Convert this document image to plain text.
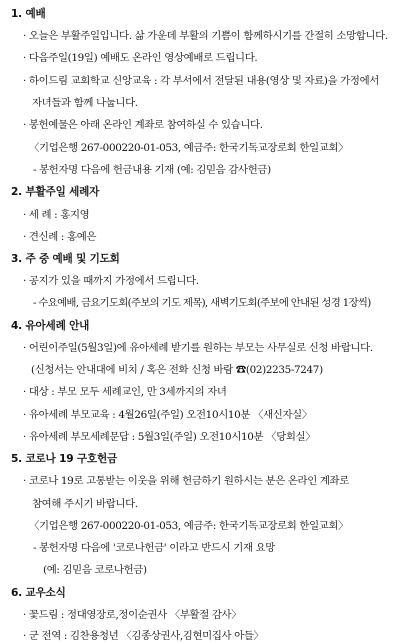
1. 예배
· 오늘은 부활주일입니다. 삶 가운데 부활의 기쁨이 함께하시기를 간절히 소망합니다.
· 다음주일(19일) 예배도 온라인 영상예배로 드립니다.
· 하이드림 교회학교 신앙교육 : 각 부서에서 전달된 내용(영상 및 자료)을 가정에서
자녀들과 함께 나눕니다.
· 봉헌예물은 아래 온라인 계좌로 참여하실 수 있습니다.
〈기업은행 267-000220-01-053, 예금주: 한국기독교장로회 한일교회〉
- 봉헌자명 다음에 헌금내용 기재 (예: 김믿음 감사헌금)
2. 부활주일 세례자
· 세 례 : 홍지영
· 견신례 : 홍예은
3. 주 중 예배 및 기도회
· 공지가 있을 때까지 가정에서 드립니다.
- 수요예배, 금요기도회(주보의 기도 제목), 새벽기도회(주보에 안내된 성경 1장씩)
4. 유아세례 안내
· 어린이주일(5월3일)에 유아세례 받기를 원하는 부모는 사무실로 신청 바랍니다.
(신청서는 안내대에 비치 / 혹은 전화 신청 바람 ☎(02)2235-7247)
· 대상 : 부모 모두 세례교인, 만 3세까지의 자녀
· 유아세례 부모교육 : 4월26일(주일) 오전10시10분 〈새신자실〉
· 유아세례 부모세례문답 : 5월3일(주일) 오전10시10분 〈당회실〉
5. 코로나 19 구호헌금
· 코로나 19로 고통받는 이웃을 위해 헌금하기 원하시는 분은 온라인 계좌로
참여해 주시기 바랍니다.
〈기업은행 267-000220-01-053, 예금주: 한국기독교장로회 한일교회〉
- 봉헌자명 다음에 '코로나헌금' 이라고 반드시 기재 요망
(예: 김믿음 코로나헌금)
6. 교우소식
· 꽃드림 : 정대영장로,정이순권사 〈부활절 감사〉
· 군 전역 : 김찬용청년 〈김종상권사,김현미집사 아들〉
